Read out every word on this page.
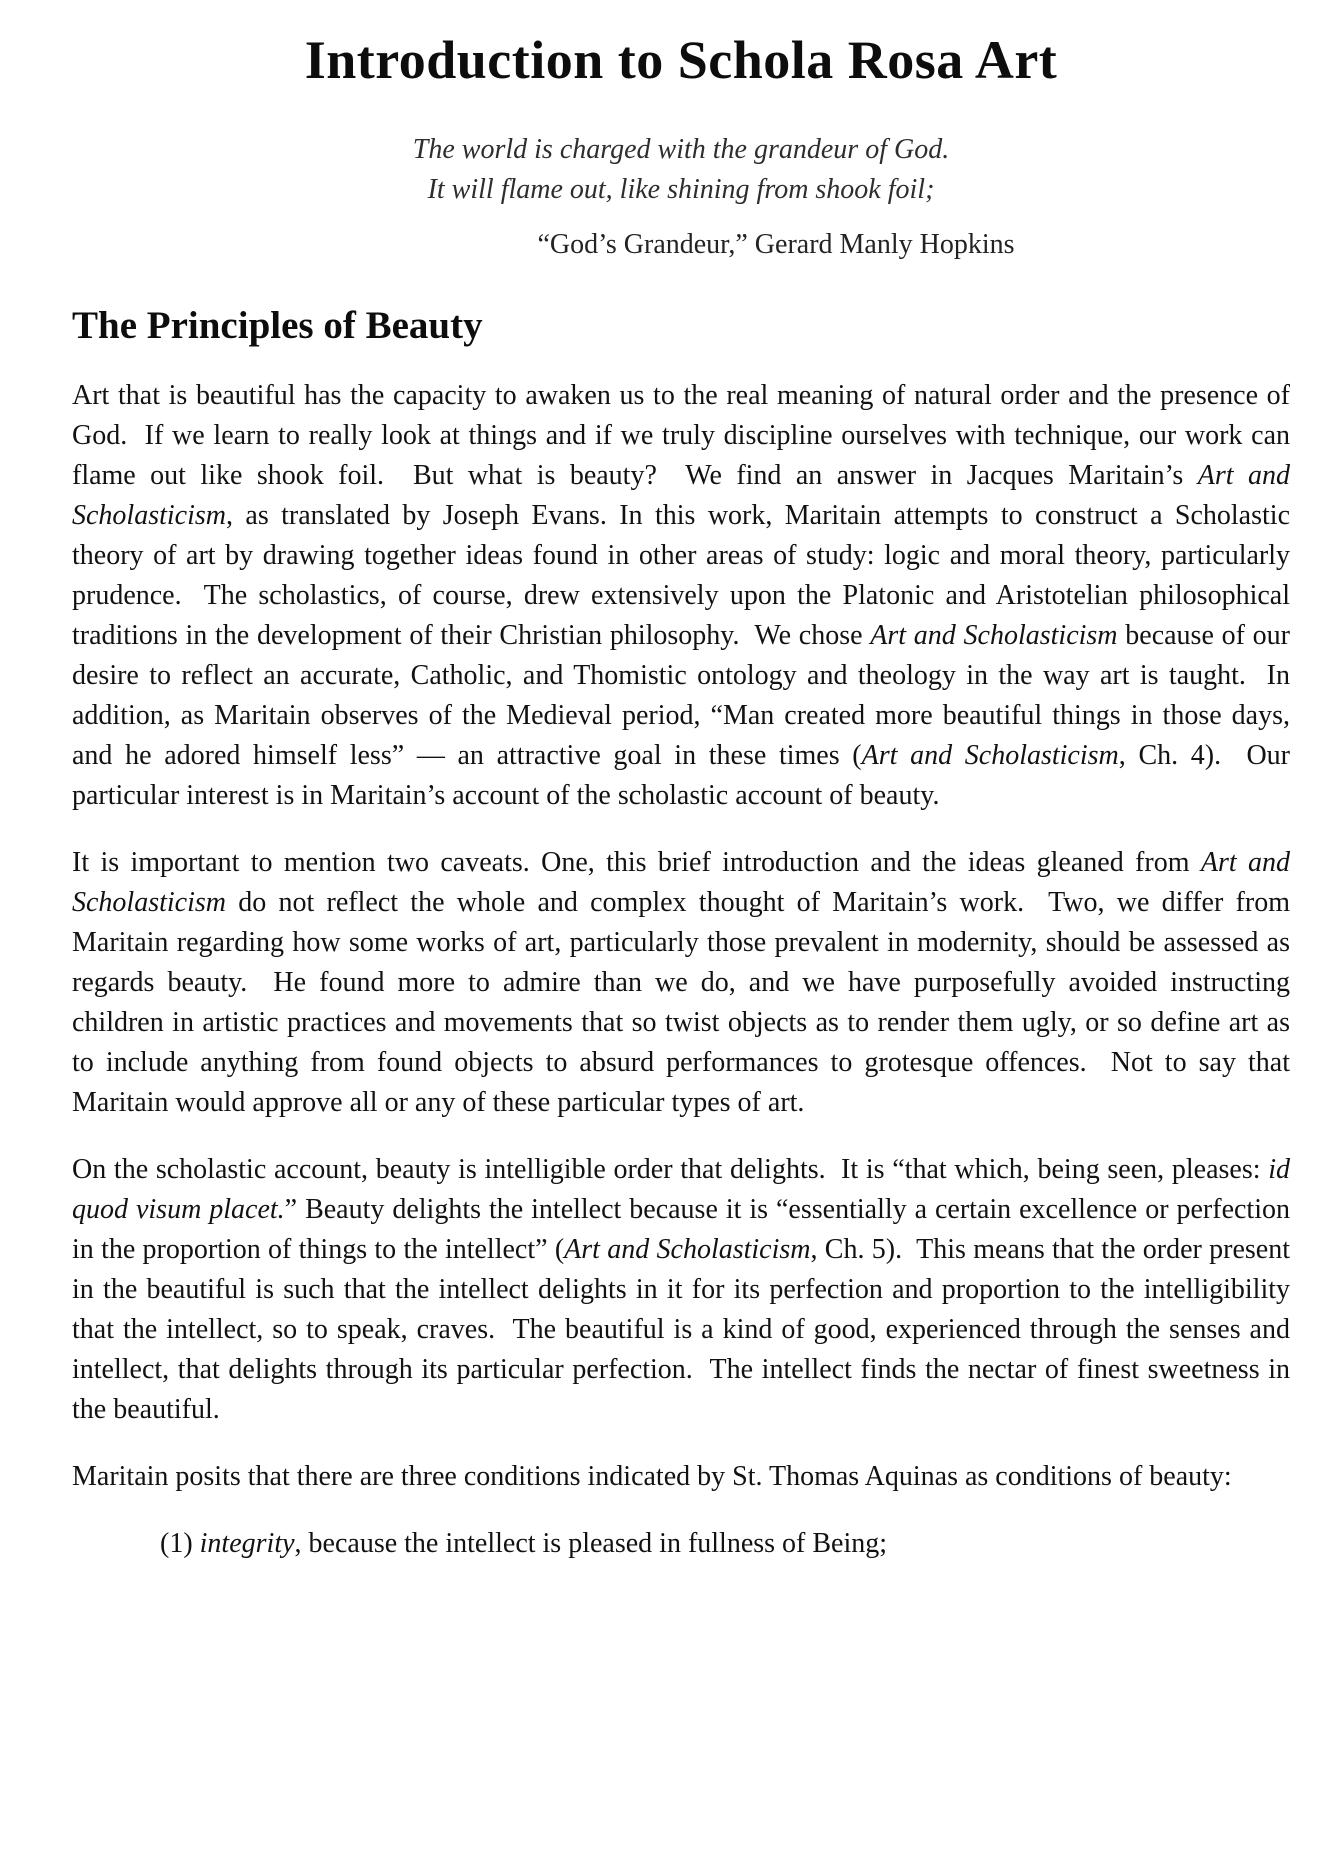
Introduction to Schola Rosa Art
The world is charged with the grandeur of God.
It will flame out, like shining from shook foil;
“God’s Grandeur,” Gerard Manly Hopkins
The Principles of Beauty

Art that is beautiful has the capacity to awaken us to the real meaning of natural order and the presence of God.  If we learn to really look at things and if we truly discipline ourselves with technique, our work can flame out like shook foil.  But what is beauty?  We find an answer in Jacques Maritain’s Art and Scholasticism, as translated by Joseph Evans. In this work, Maritain attempts to construct a Scholastic theory of art by drawing together ideas found in other areas of study: logic and moral theory, particularly prudence.  The scholastics, of course, drew extensively upon the Platonic and Aristotelian philosophical traditions in the development of their Christian philosophy.  We chose Art and Scholasticism because of our desire to reflect an accurate, Catholic, and Thomistic ontology and theology in the way art is taught.  In addition, as Maritain observes of the Medieval period, “Man created more beautiful things in those days, and he adored himself less” — an attractive goal in these times (Art and Scholasticism, Ch. 4).  Our particular interest is in Maritain’s account of the scholastic account of beauty.

It is important to mention two caveats. One, this brief introduction and the ideas gleaned from Art and Scholasticism do not reflect the whole and complex thought of Maritain’s work.  Two, we differ from Maritain regarding how some works of art, particularly those prevalent in modernity, should be assessed as regards beauty.  He found more to admire than we do, and we have purposefully avoided instructing children in artistic practices and movements that so twist objects as to render them ugly, or so define art as to include anything from found objects to absurd performances to grotesque offences.  Not to say that Maritain would approve all or any of these particular types of art.

On the scholastic account, beauty is intelligible order that delights.  It is “that which, being seen, pleases: id quod visum placet.” Beauty delights the intellect because it is “essentially a certain excellence or perfection in the proportion of things to the intellect” (Art and Scholasticism, Ch. 5).  This means that the order present in the beautiful is such that the intellect delights in it for its perfection and proportion to the intelligibility that the intellect, so to speak, craves.  The beautiful is a kind of good, experienced through the senses and intellect, that delights through its particular perfection.  The intellect finds the nectar of finest sweetness in the beautiful.

Maritain posits that there are three conditions indicated by St. Thomas Aquinas as conditions of beauty:

(1) integrity, because the intellect is pleased in fullness of Being;
